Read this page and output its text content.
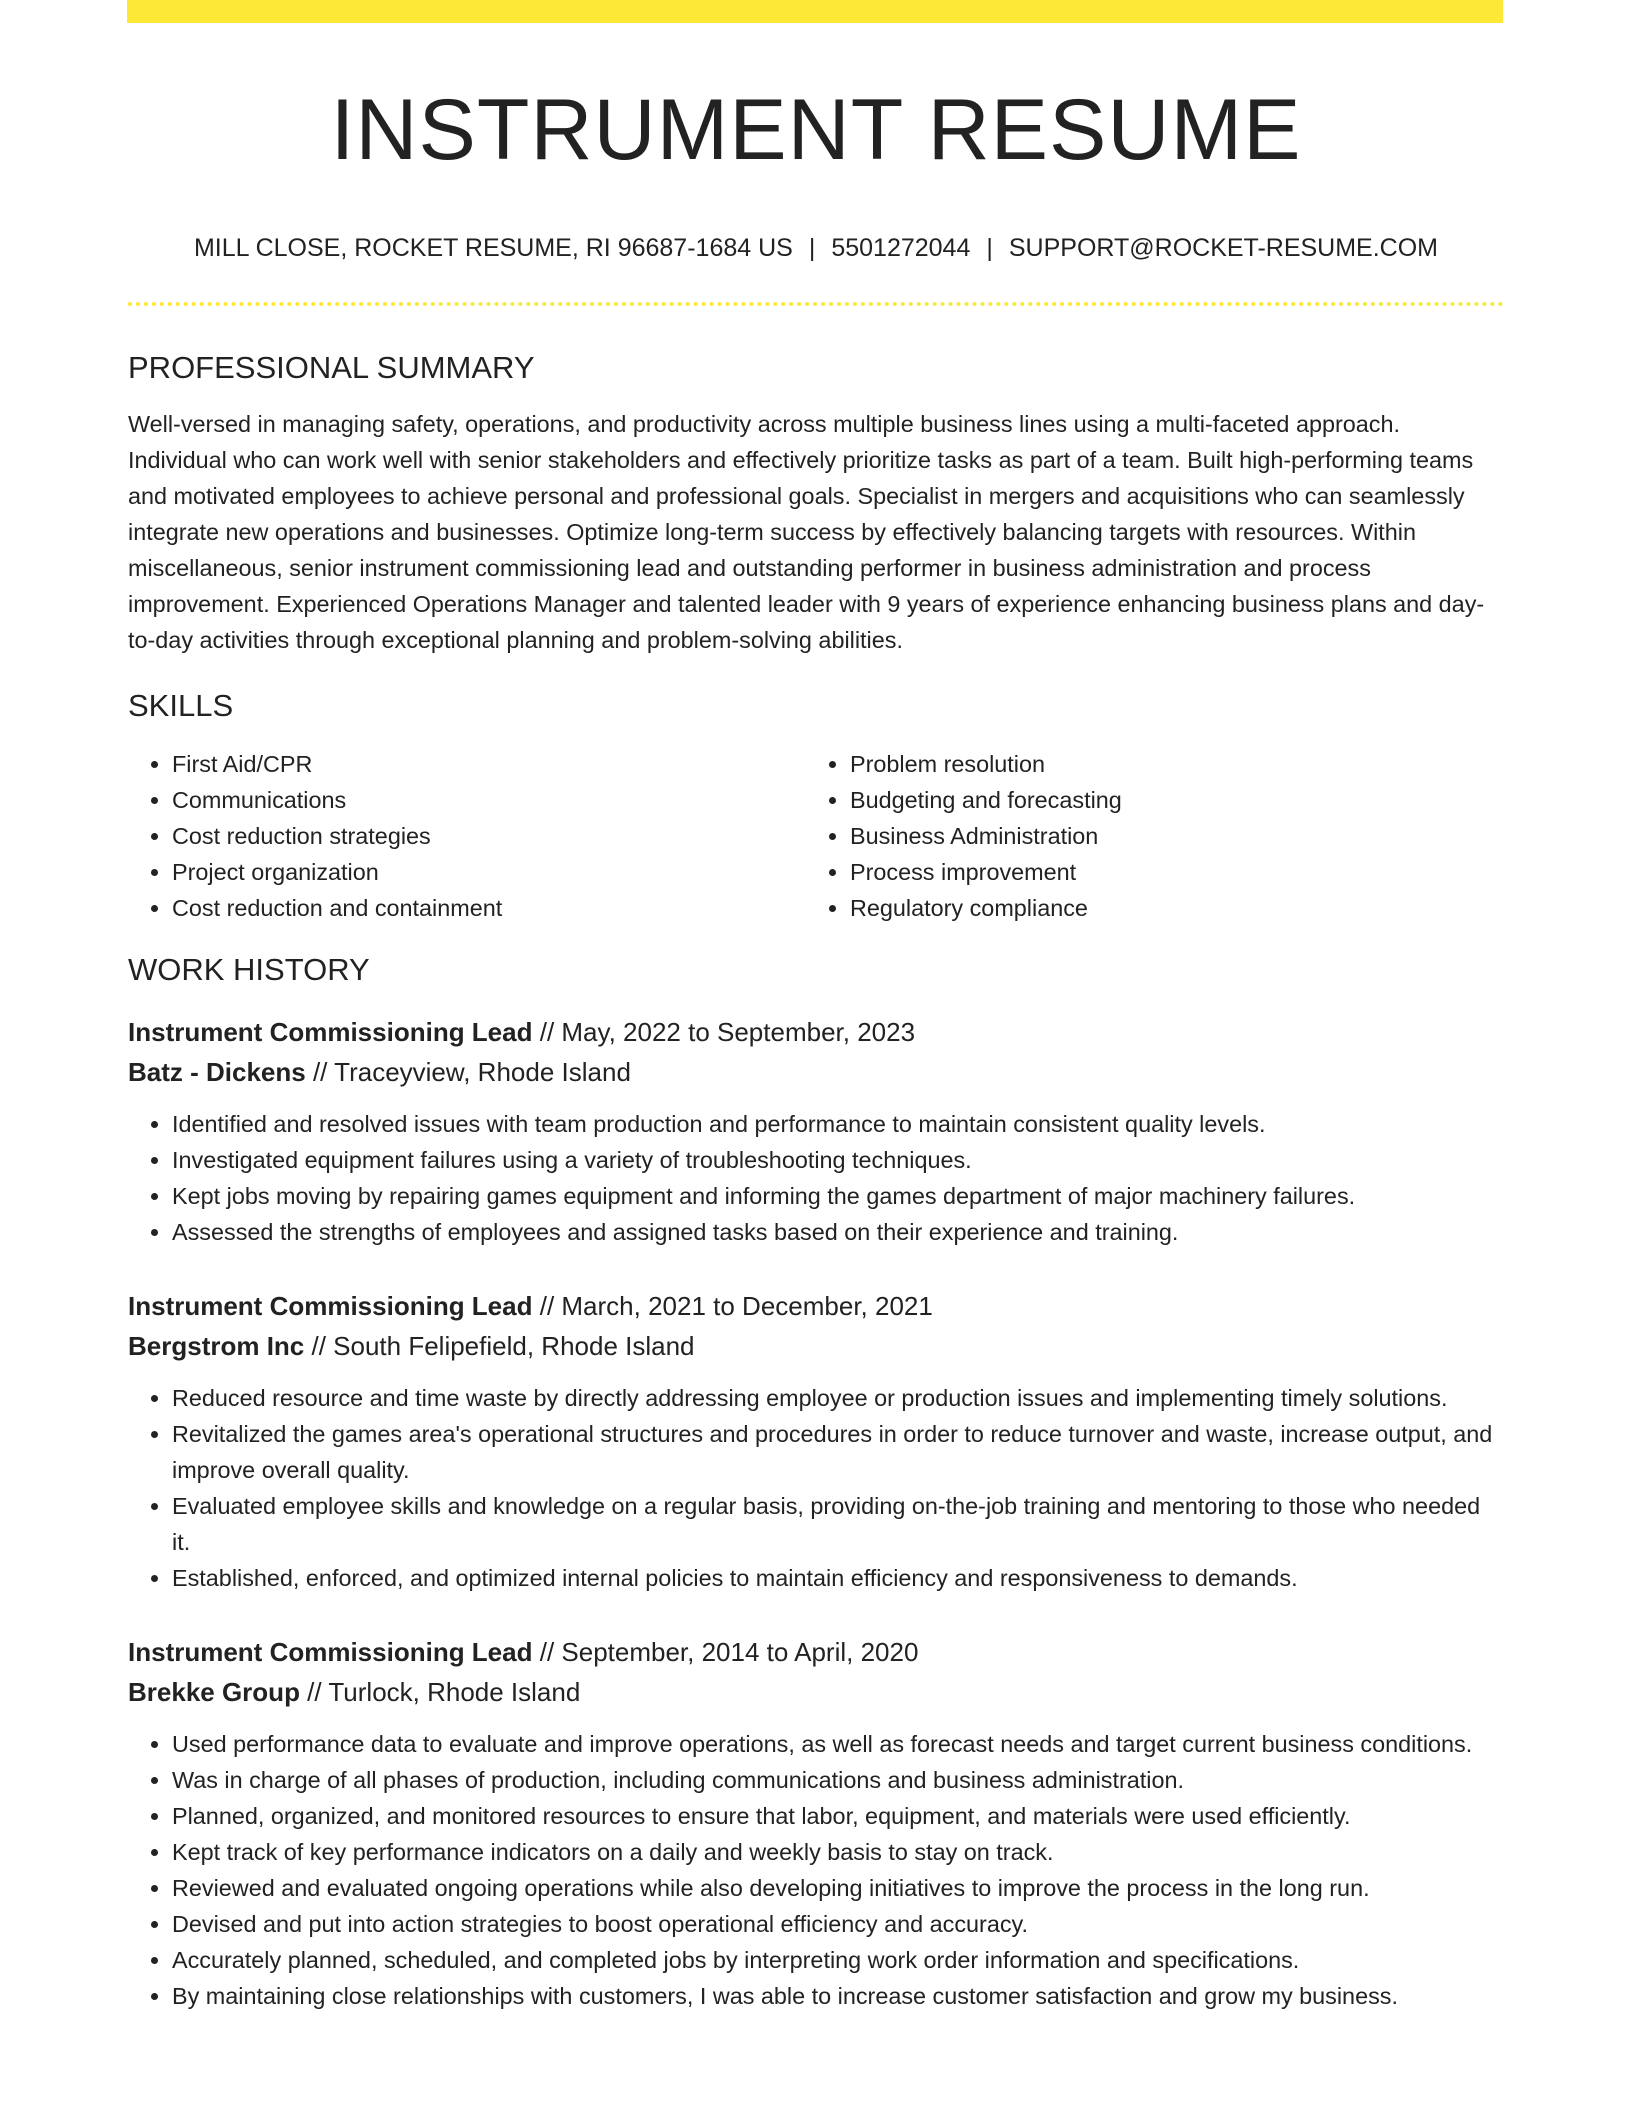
INSTRUMENT RESUME
MILL CLOSE, ROCKET RESUME, RI 96687-1684 US | 5501272044 | SUPPORT@ROCKET-RESUME.COM
PROFESSIONAL SUMMARY

Well-versed in managing safety, operations, and productivity across multiple business lines using a multi-faceted approach. Individual who can work well with senior stakeholders and effectively prioritize tasks as part of a team. Built high-performing teams and motivated employees to achieve personal and professional goals. Specialist in mergers and acquisitions who can seamlessly integrate new operations and businesses. Optimize long-term success by effectively balancing targets with resources. Within miscellaneous, senior instrument commissioning lead and outstanding performer in business administration and process improvement. Experienced Operations Manager and talented leader with 9 years of experience enhancing business plans and day-to-day activities through exceptional planning and problem-solving abilities.

SKILLS
• First Aid/CPR
• Communications
• Cost reduction strategies
• Project organization
• Cost reduction and containment
• Problem resolution
• Budgeting and forecasting
• Business Administration
• Process improvement
• Regulatory compliance
WORK HISTORY
Instrument Commissioning Lead // May, 2022 to September, 2023
Batz - Dickens // Traceyview, Rhode Island
• Identified and resolved issues with team production and performance to maintain consistent quality levels.
• Investigated equipment failures using a variety of troubleshooting techniques.
• Kept jobs moving by repairing games equipment and informing the games department of major machinery failures.
• Assessed the strengths of employees and assigned tasks based on their experience and training.
Instrument Commissioning Lead // March, 2021 to December, 2021
Bergstrom Inc // South Felipefield, Rhode Island
• Reduced resource and time waste by directly addressing employee or production issues and implementing timely solutions.
• Revitalized the games area's operational structures and procedures in order to reduce turnover and waste, increase output, and improve overall quality.
• Evaluated employee skills and knowledge on a regular basis, providing on-the-job training and mentoring to those who needed it.
• Established, enforced, and optimized internal policies to maintain efficiency and responsiveness to demands.
Instrument Commissioning Lead // September, 2014 to April, 2020
Brekke Group // Turlock, Rhode Island
• Used performance data to evaluate and improve operations, as well as forecast needs and target current business conditions.
• Was in charge of all phases of production, including communications and business administration.
• Planned, organized, and monitored resources to ensure that labor, equipment, and materials were used efficiently.
• Kept track of key performance indicators on a daily and weekly basis to stay on track.
• Reviewed and evaluated ongoing operations while also developing initiatives to improve the process in the long run.
• Devised and put into action strategies to boost operational efficiency and accuracy.
• Accurately planned, scheduled, and completed jobs by interpreting work order information and specifications.
• By maintaining close relationships with customers, I was able to increase customer satisfaction and grow my business.
